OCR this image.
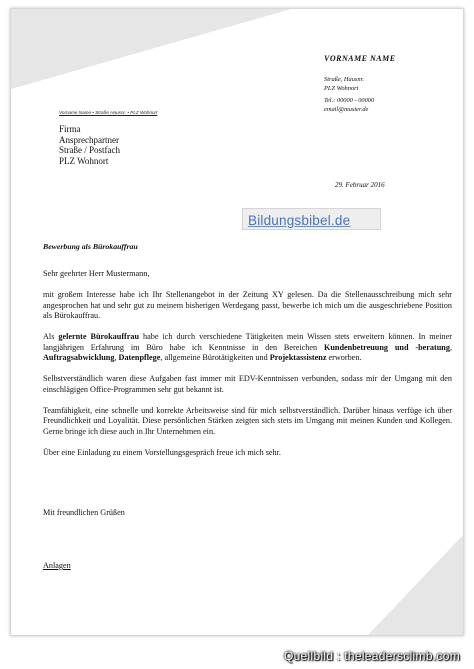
VORNAME NAME
Straße, Hausnr.
PLZ Wohnort
Tel.: 00000 - 00000
email@muster.de
Vorname Name • Straße Hausnr. • PLZ Wohnort
Firma
Ansprechpartner
Straße / Postfach
PLZ Wohnort
29. Februar 2016
Bildungsbibel.de
Bewerbung als Bürokauffrau

Sehr geehrter Herr Mustermann,

mit großem Interesse habe ich Ihr Stellenangebot in der Zeitung XY gelesen. Da die Stellenausschreibung mich sehr angesprochen hat und sehr gut zu meinem bisherigen Werdegang passt, bewerbe ich mich um die ausgeschriebene Position als Bürokauffrau.

Als gelernte Bürokauffrau habe ich durch verschiedene Tätigkeiten mein Wissen stets erweitern können. In meiner langjährigen Erfahrung im Büro habe ich Kenntnisse in den Bereichen Kundenbetreuung und -beratung, Auftragsabwicklung, Datenpflege, allgemeine Bürotätigkeiten und Projektassistenz erworben.

Selbstverständlich waren diese Aufgaben fast immer mit EDV-Kenntnissen verbunden, sodass mir der Umgang mit den einschlägigen Office-Programmen sehr gut bekannt ist.

Teamfähigkeit, eine schnelle und korrekte Arbeitsweise sind für mich selbstverständlich. Darüber hinaus verfüge ich über Freundlichkeit und Loyalität. Diese persönlichen Stärken zeigten sich stets im Umgang mit meinen Kunden und Kollegen. Gerne bringe ich diese auch in Ihr Unternehmen ein.

Über eine Einladung zu einem Vorstellungsgespräch freue ich mich sehr.

Mit freundlichen Grüßen
Anlagen
Quellbild : theleadersclimb.com
